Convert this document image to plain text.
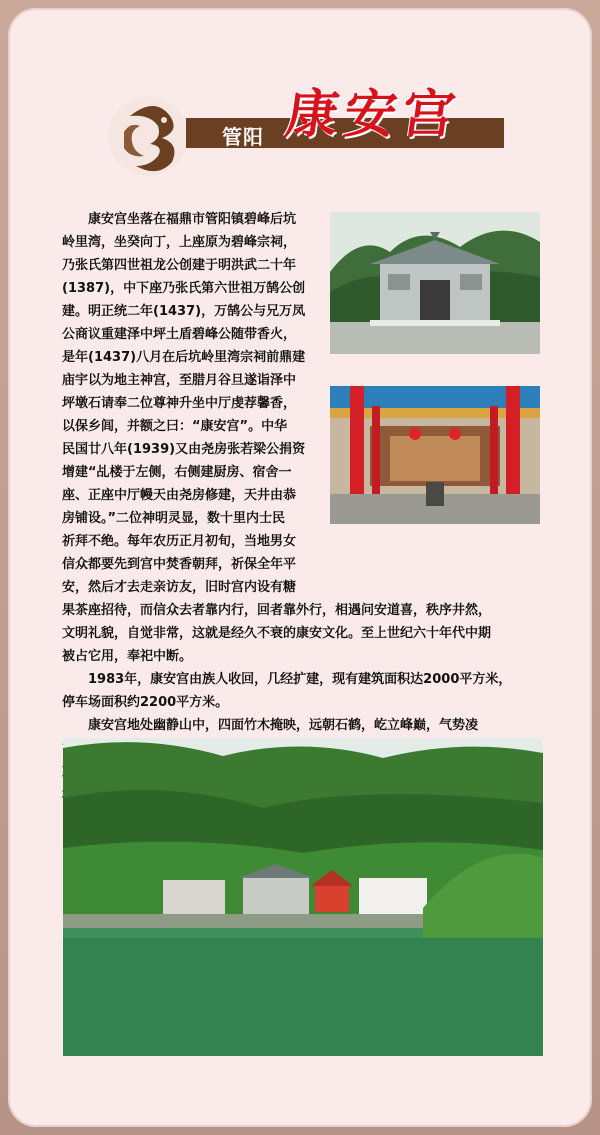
管阳 康安宫
康安宫坐落在福鼎市管阳镇碧峰后坑
岭里湾，坐癸向丁，上座原为碧峰宗祠，
乃张氏第四世祖龙公创建于明洪武二十年
(1387)，中下座乃张氏第六世祖万鹄公创
建。明正统二年(1437)，万鹄公与兄万凤
公商议重建泽中坪土盾碧峰公随带香火，
是年(1437)八月在后坑岭里湾宗祠前鼎建
庙宇以为地主神宫，至腊月谷旦遂诣泽中
坪墩石请奉二位尊神升坐中厅虔荐馨香，
以保乡闾，并额之曰：“康安宫”。中华
民国廿八年(1939)又由尧房张若梁公捐资
增建“乩楼于左侧，右侧建厨房、宿舍一
座、正座中厅幔天由尧房修建，天井由恭
房铺设。”二位神明灵显，数十里内士民
祈拜不绝。每年农历正月初旬，当地男女
信众都要先到宫中焚香朝拜，祈保全年平
安，然后才去走亲访友，旧时宫内设有糖
果茶座招待，而信众去者靠内行，回者靠外行，相遇问安道喜，秩序井然，
文明礼貌，自觉非常，这就是经久不衰的康安文化。至上世纪六十年代中期
被占它用，奉祀中断。
1983年，康安宫由族人收回，几经扩建，现有建筑面积达2000平方米，
停车场面积约2200平方米。
康安宫地处幽静山中，四面竹木掩映，远朝石鹤，屹立峰巅，气势凌
